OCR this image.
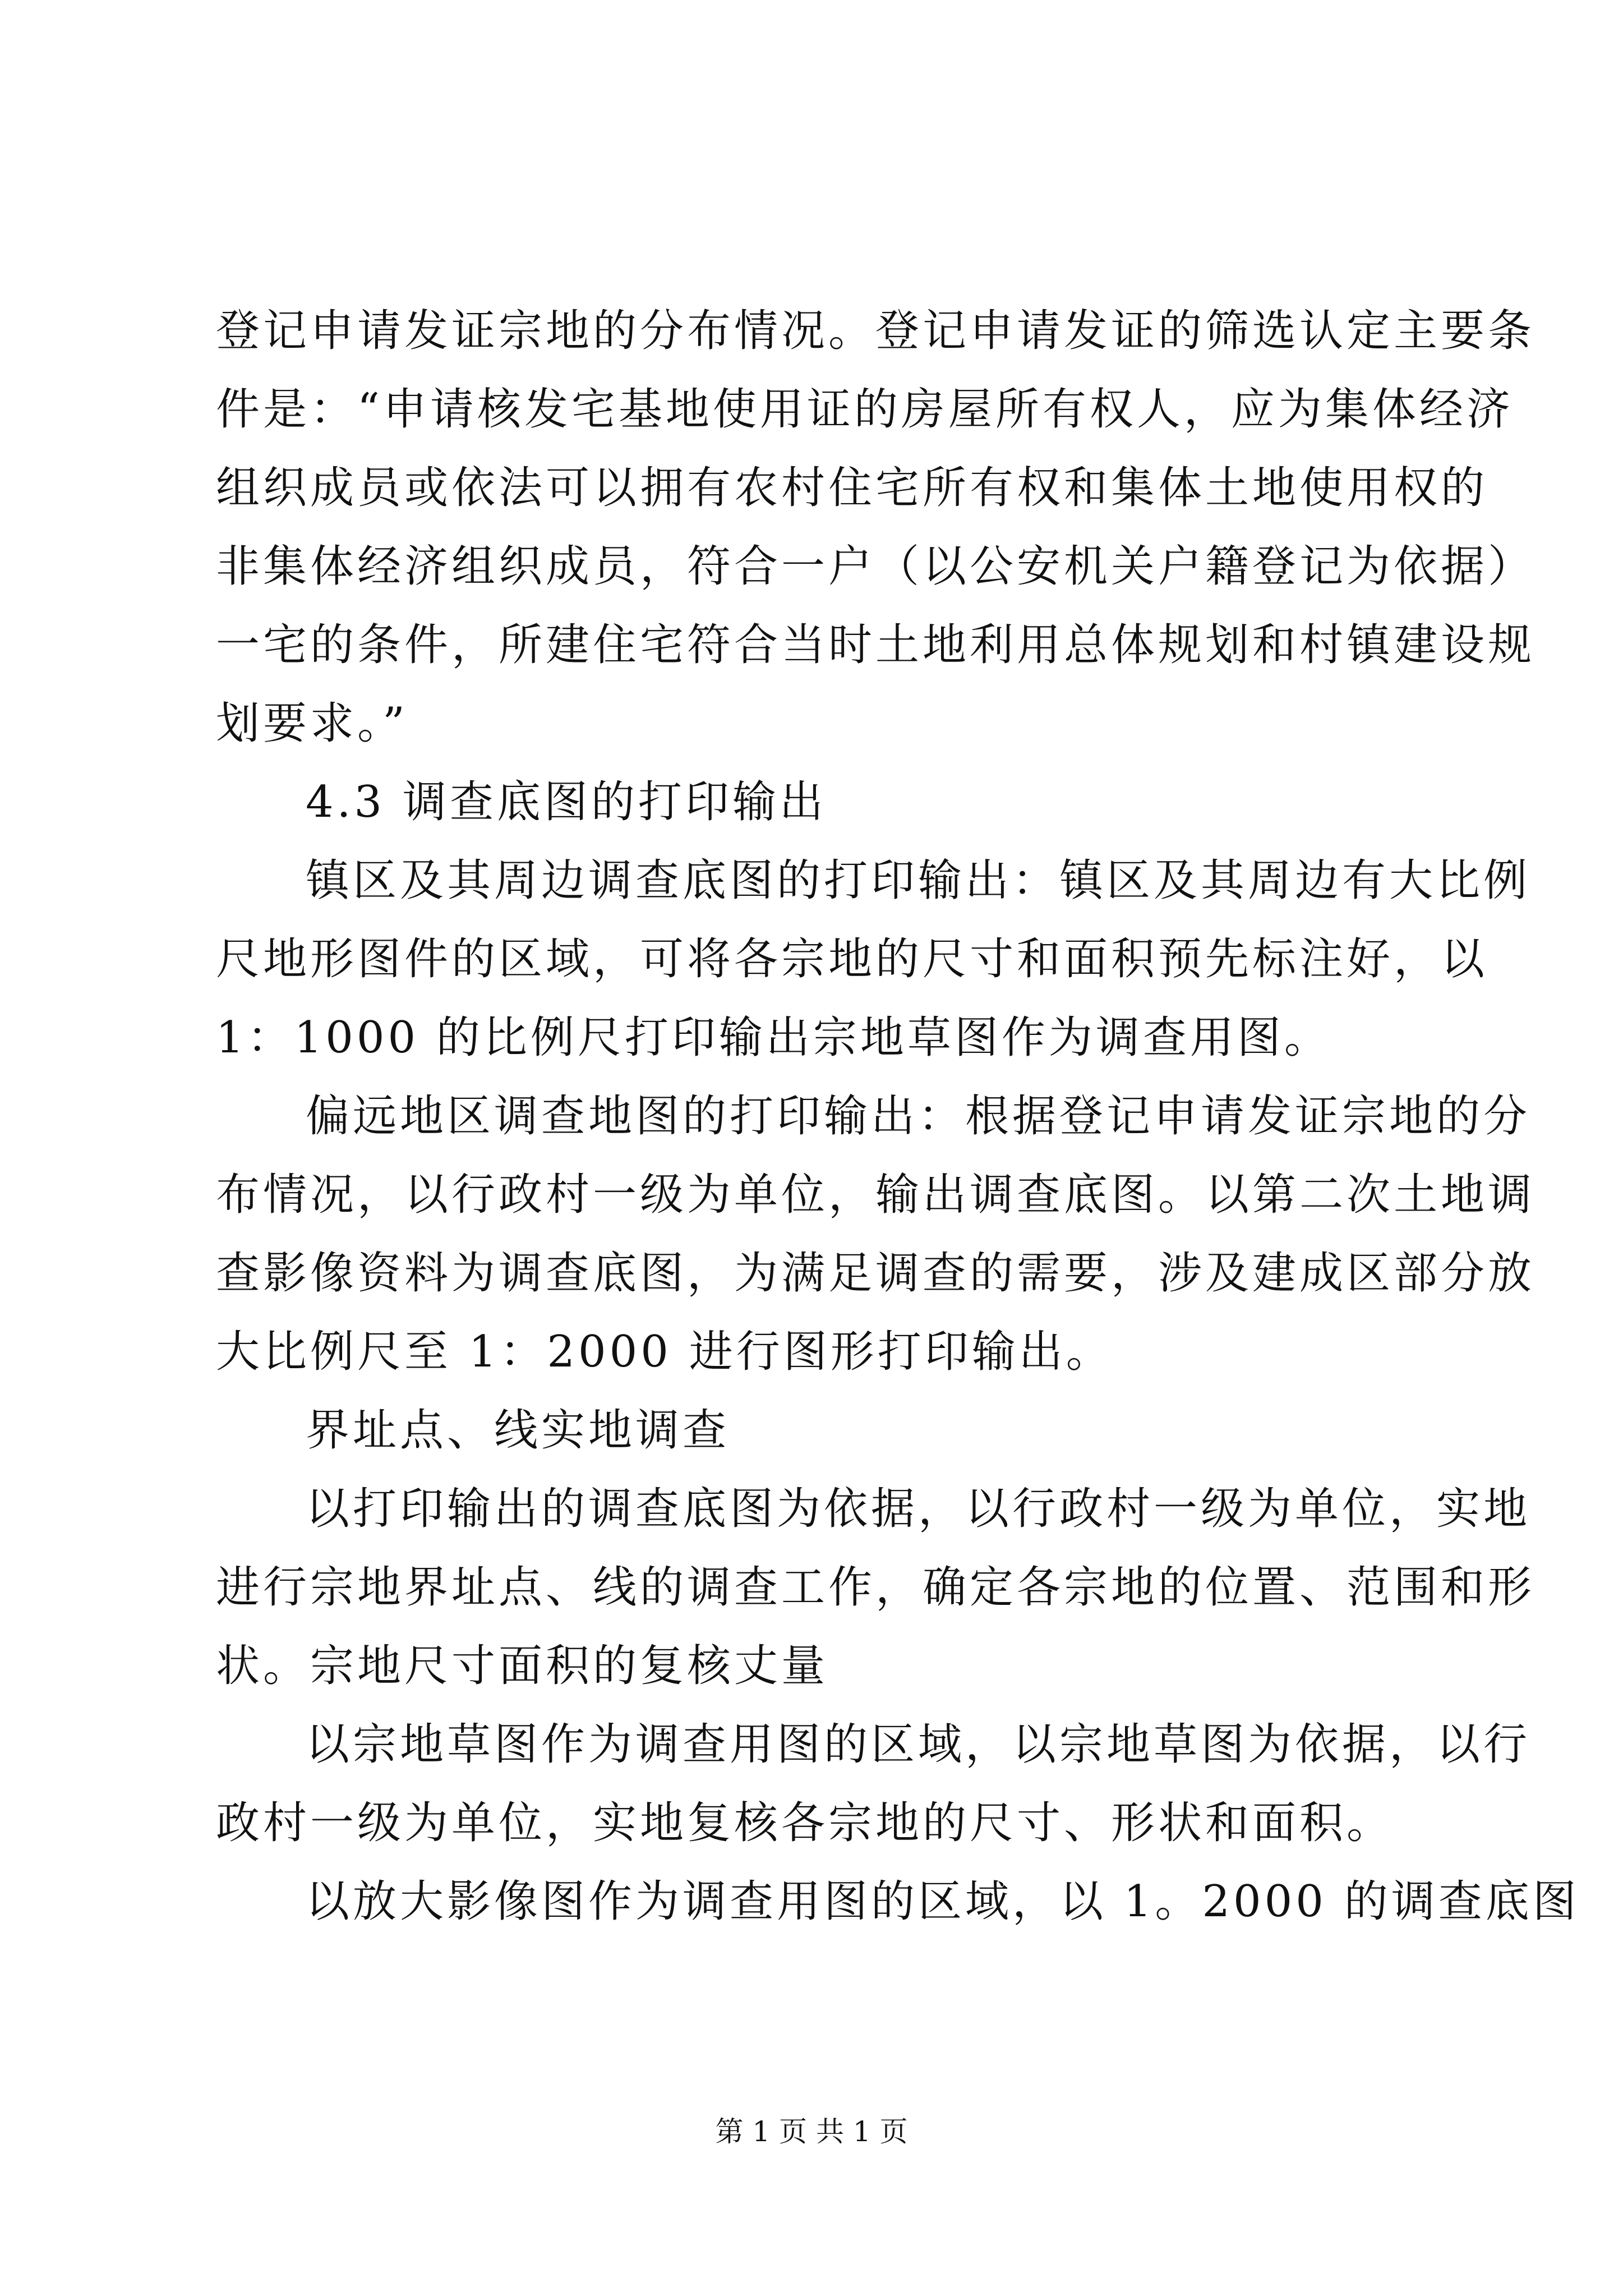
登记申请发证宗地的分布情况。登记申请发证的筛选认定主要条
件是：“申请核发宅基地使用证的房屋所有权人，应为集体经济
组织成员或依法可以拥有农村住宅所有权和集体土地使用权的
非集体经济组织成员，符合一户（以公安机关户籍登记为依据）
一宅的条件，所建住宅符合当时土地利用总体规划和村镇建设规
划要求。”
4.3 调查底图的打印输出
镇区及其周边调查底图的打印输出：镇区及其周边有大比例
尺地形图件的区域，可将各宗地的尺寸和面积预先标注好，以
1：1000 的比例尺打印输出宗地草图作为调查用图。
偏远地区调查地图的打印输出：根据登记申请发证宗地的分
布情况，以行政村一级为单位，输出调查底图。以第二次土地调
查影像资料为调查底图，为满足调查的需要，涉及建成区部分放
大比例尺至 1：2000 进行图形打印输出。
界址点、线实地调查
以打印输出的调查底图为依据，以行政村一级为单位，实地
进行宗地界址点、线的调查工作，确定各宗地的位置、范围和形
状。宗地尺寸面积的复核丈量
以宗地草图作为调查用图的区域，以宗地草图为依据，以行
政村一级为单位，实地复核各宗地的尺寸、形状和面积。
以放大影像图作为调查用图的区域，以 1。2000 的调查底图
第 1 页 共 1 页
